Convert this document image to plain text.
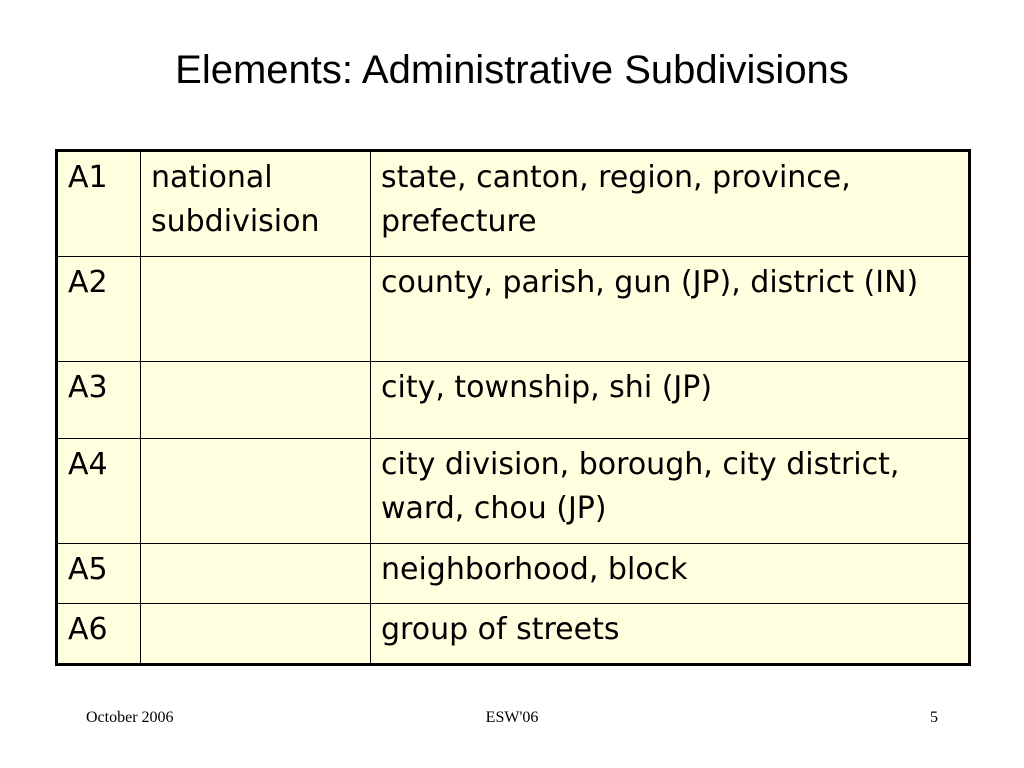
Elements: Administrative Subdivisions
A1	national subdivision	state, canton, region, province, prefecture
A2		county, parish, gun (JP), district (IN)
A3		city, township, shi (JP)
A4		city division, borough, city district, ward, chou (JP)
A5		neighborhood, block
A6		group of streets
October 2006	ESW'06	5
